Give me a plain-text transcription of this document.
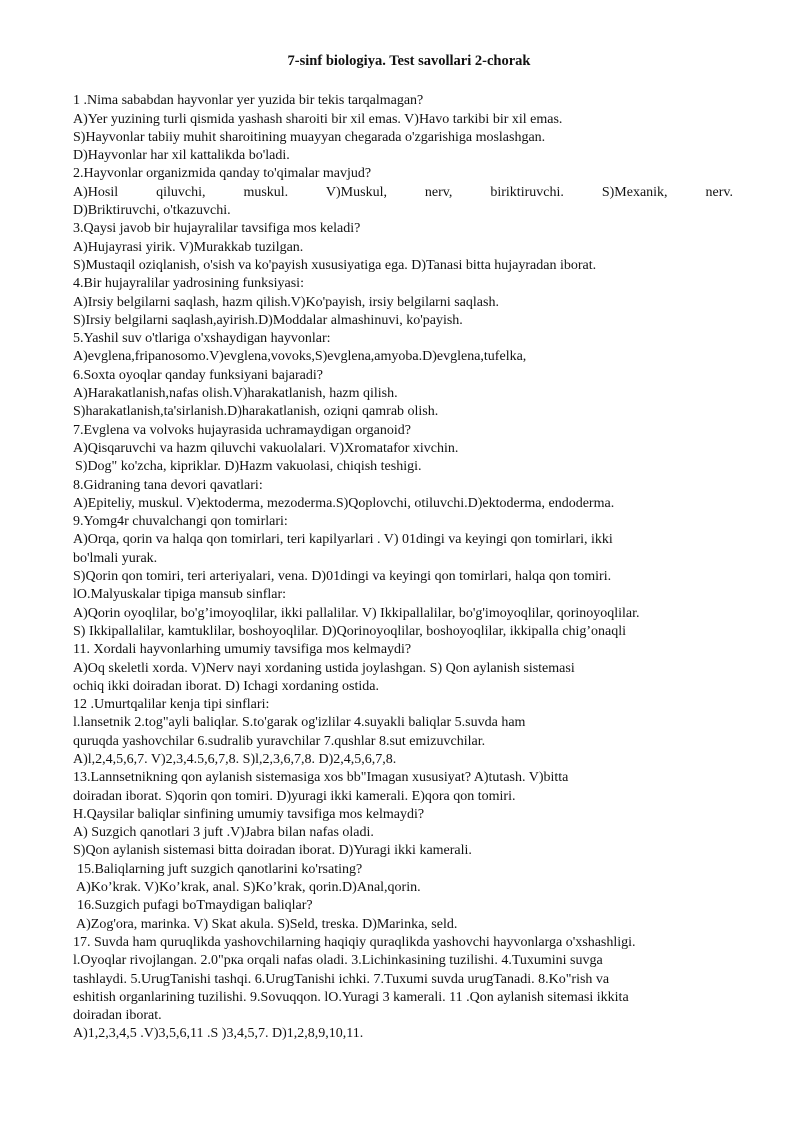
7-sinf biologiya. Test savollari 2-chorak
1 .Nima sababdan hayvonlar yer yuzida bir tekis tarqalmagan?
A)Yer yuzining turli qismida yashash sharoiti bir xil emas. V)Havo tarkibi bir xil emas.
S)Hayvonlar tabiiy muhit sharoitining muayyan chegarada o'zgarishiga moslashgan.
D)Hayvonlar har xil kattalikda bo'ladi.
2.Hayvonlar organizmida qanday to'qimalar mavjud?
A)Hosil qiluvchi, muskul. V)Muskul, nerv, biriktiruvchi. S)Mexanik, nerv.
D)Briktiruvchi, o'tkazuvchi.
3.Qaysi javob bir hujayralilar tavsifiga mos keladi?
A)Hujayrasi yirik. V)Murakkab tuzilgan.
S)Mustaqil oziqlanish, o'sish va ko'payish xususiyatiga ega. D)Tanasi bitta hujayradan iborat.
4.Bir hujayralilar yadrosining funksiyasi:
A)Irsiy belgilarni saqlash, hazm qilish.V)Ko'payish, irsiy belgilarni saqlash.
S)Irsiy belgilarni saqlash,ayirish.D)Moddalar almashinuvi, ko'payish.
5.Yashil suv o'tlariga o'xshaydigan hayvonlar:
A)evglena,fripanosomo.V)evglena,vovoks,S)evglena,amyoba.D)evglena,tufelka,
6.Soxta oyoqlar qanday funksiyani bajaradi?
A)Harakatlanish,nafas olish.V)harakatlanish, hazm qilish.
S)harakatlanish,ta'sirlanish.D)harakatlanish, oziqni qamrab olish.
7.Evglena va volvoks hujayrasida uchramaydigan organoid?
A)Qisqaruvchi va hazm qiluvchi vakuolalari. V)Xromatafor xivchin.
S)Dog" ko'zcha, kipriklar. D)Hazm vakuolasi, chiqish teshigi.
8.Gidraning tana devori qavatlari:
A)Epiteliy, muskul. V)ektoderma, mezoderma.S)Qoplovchi, otiluvchi.D)ektoderma, endoderma.
9.Yomg4r chuvalchangi qon tomirlari:
A)Orqa, qorin va halqa qon tomirlari, teri kapilyarlari . V) 01dingi va keyingi qon tomirlari, ikki
bo'lmali yurak.
S)Qorin qon tomiri, teri arteriyalari, vena. D)01dingi va keyingi qon tomirlari, halqa qon tomiri.
lO.Malyuskalar tipiga mansub sinflar:
A)Qorin oyoqlilar, bo'g’imoyoqlilar, ikki pallalilar. V) Ikkipallalilar, bo'g'imoyoqlilar, qorinoyoqlilar.
S) Ikkipallalilar, kamtuklilar, boshoyoqlilar. D)Qorinoyoqlilar, boshoyoqlilar, ikkipalla chig’onaqli
11. Xordali hayvonlarhing umumiy tavsifiga mos kelmaydi?
A)Oq skeletli xorda. V)Nerv nayi xordaning ustida joylashgan. S) Qon aylanish sistemasi
ochiq ikki doiradan iborat. D) Ichagi xordaning ostida.
12 .Umurtqalilar kenja tipi sinflari:
l.lansetnik 2.tog"ayli baliqlar. S.to'garak og'izlilar 4.suyakli baliqlar 5.suvda ham
quruqda yashovchilar 6.sudralib yuravchilar 7.qushlar 8.sut emizuvchilar.
A)l,2,4,5,6,7. V)2,3,4.5,6,7,8. S)l,2,3,6,7,8. D)2,4,5,6,7,8.
13.Lannsetnikning qon aylanish sistemasiga xos bb"Imagan xususiyat? A)tutash. V)bitta
doiradan iborat. S)qorin qon tomiri. D)yuragi ikki kamerali. E)qora qon tomiri.
H.Qaysilar baliqlar sinfining umumiy tavsifiga mos kelmaydi?
A) Suzgich qanotlari 3 juft .V)Jabra bilan nafas oladi.
S)Qon aylanish sistemasi bitta doiradan iborat. D)Yuragi ikki kamerali.
15.Baliqlarning juft suzgich qanotlarini ko'rsating?
A)Ko’krak. V)Ko’krak, anal. S)Ko’krak, qorin.D)Anal,qorin.
16.Suzgich pufagi boTmaydigan baliqlar?
A)Zog'ora, marinka. V) Skat akula. S)Seld, treska. D)Marinka, seld.
17. Suvda ham quruqlikda yashovchilarning haqiqiy quraqlikda yashovchi hayvonlarga o'xshashligi.
l.Oyoqlar rivojlangan. 2.0"рка orqali nafas oladi. 3.Lichinkasining tuzilishi. 4.Tuxumini suvga
tashlaydi. 5.UrugTanishi tashqi. 6.UrugTanishi ichki. 7.Tuxumi suvda urugTanadi. 8.Ko"rish va
eshitish organlarining tuzilishi. 9.Sovuqqon. lO.Yuragi 3 kamerali. 11 .Qon aylanish sitemasi ikkita
doiradan iborat.
A)1,2,3,4,5 .V)3,5,6,11 .S )3,4,5,7. D)1,2,8,9,10,11.
